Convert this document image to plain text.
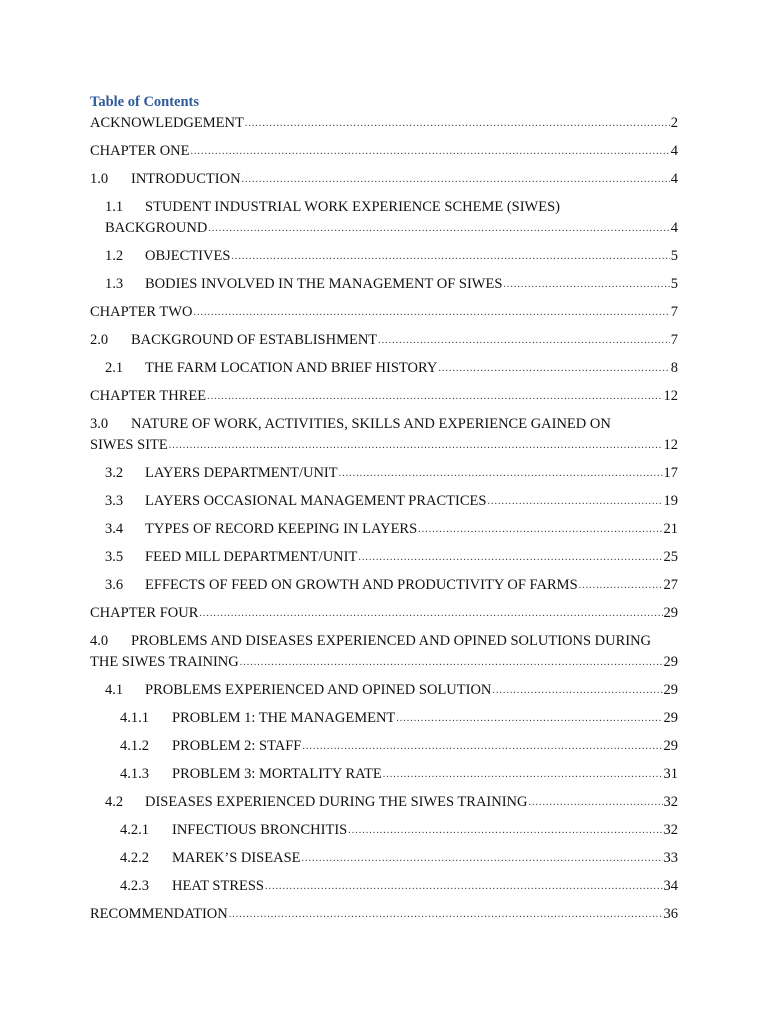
Table of Contents
ACKNOWLEDGEMENT .....	2
CHAPTER ONE .....	4
1.0	INTRODUCTION .....	4
1.1 STUDENT INDUSTRIAL WORK EXPERIENCE SCHEME (SIWES)
BACKGROUND .....	4
1.2	OBJECTIVES .....	5
1.3	BODIES INVOLVED IN THE MANAGEMENT OF SIWES .....	5
CHAPTER TWO .....	7
2.0	BACKGROUND OF ESTABLISHMENT .....	7
2.1	THE FARM LOCATION AND BRIEF HISTORY .....	8
CHAPTER THREE .....	12
3.0 NATURE OF WORK, ACTIVITIES, SKILLS AND EXPERIENCE GAINED ON
SIWES SITE .....	12
3.2	LAYERS DEPARTMENT/UNIT .....	17
3.3	LAYERS OCCASIONAL MANAGEMENT PRACTICES .....	19
3.4	TYPES OF RECORD KEEPING IN LAYERS .....	21
3.5	FEED MILL DEPARTMENT/UNIT .....	25
3.6	EFFECTS OF FEED ON GROWTH AND PRODUCTIVITY OF FARMS .....	27
CHAPTER FOUR .....	29
4.0 PROBLEMS AND DISEASES EXPERIENCED AND OPINED SOLUTIONS DURING
THE SIWES TRAINING .....	29
4.1	PROBLEMS EXPERIENCED AND OPINED SOLUTION .....	29
4.1.1	PROBLEM 1: THE MANAGEMENT .....	29
4.1.2	PROBLEM 2: STAFF .....	29
4.1.3	PROBLEM 3: MORTALITY RATE .....	31
4.2	DISEASES EXPERIENCED DURING THE SIWES TRAINING .....	32
4.2.1	INFECTIOUS BRONCHITIS .....	32
4.2.2	MAREK’S DISEASE .....	33
4.2.3	HEAT STRESS .....	34
RECOMMENDATION .....	36
